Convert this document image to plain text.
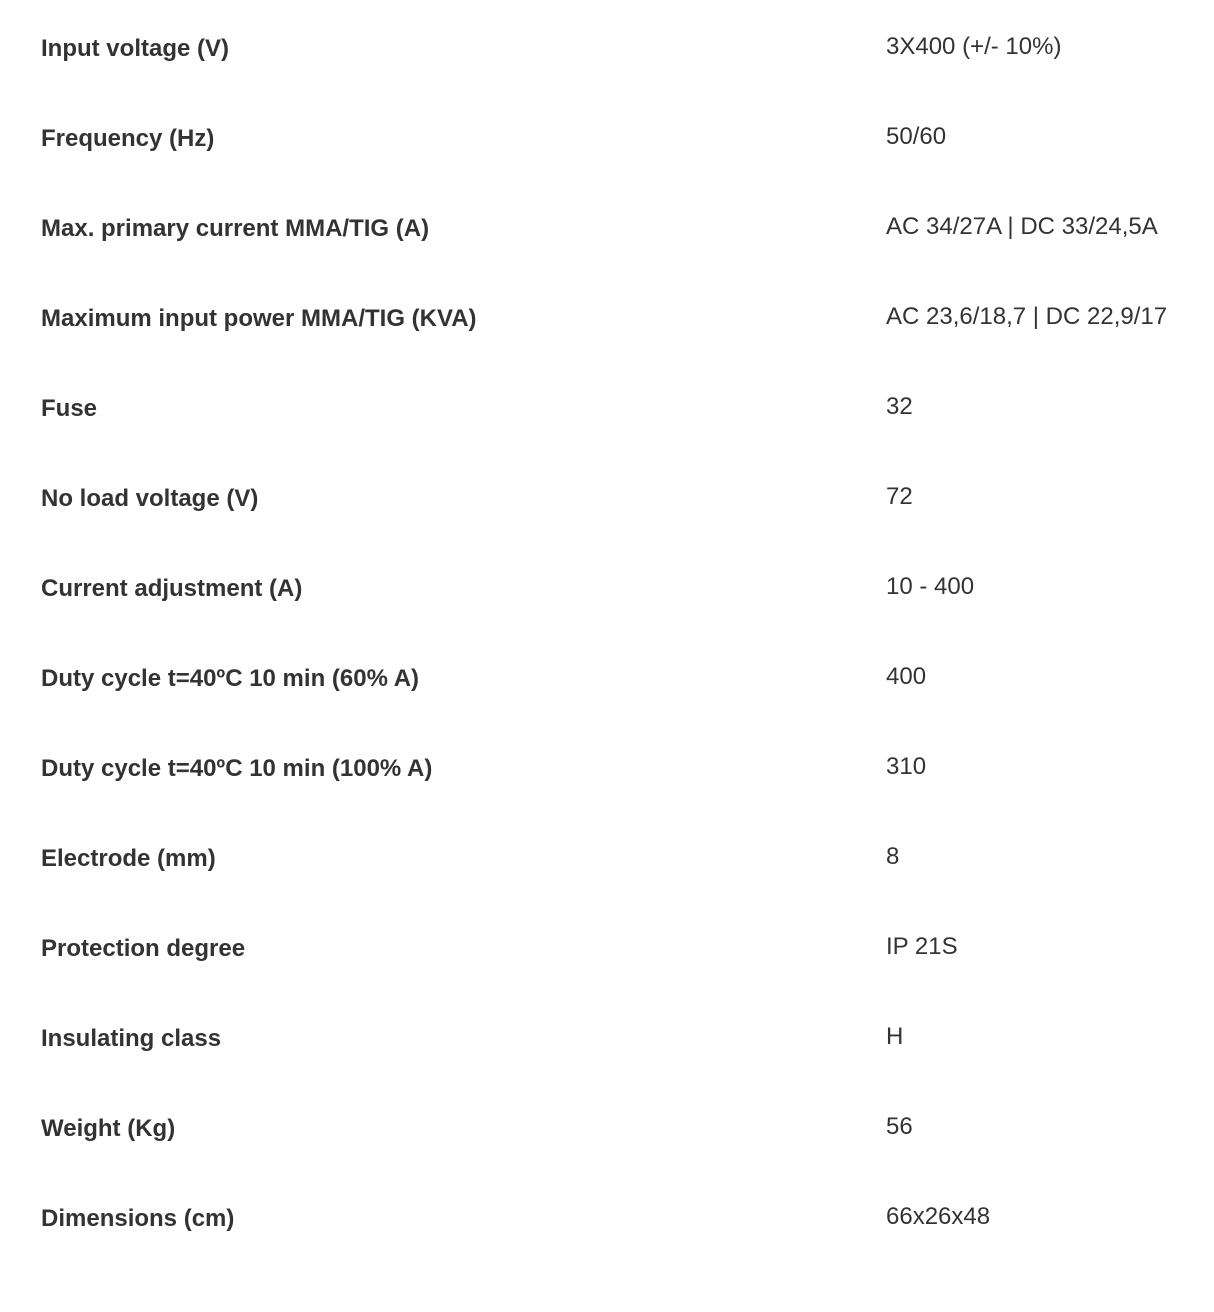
Input voltage (V)	3X400 (+/- 10%)
Frequency (Hz)	50/60
Max. primary current MMA/TIG (A)	AC 34/27A | DC 33/24,5A
Maximum input power MMA/TIG (KVA)	AC 23,6/18,7 | DC 22,9/17
Fuse	32
No load voltage (V)	72
Current adjustment (A)	10 - 400
Duty cycle t=40ºC 10 min (60% A)	400
Duty cycle t=40ºC 10 min (100% A)	310
Electrode (mm)	8
Protection degree	IP 21S
Insulating class	H
Weight (Kg)	56
Dimensions (cm)	66x26x48
